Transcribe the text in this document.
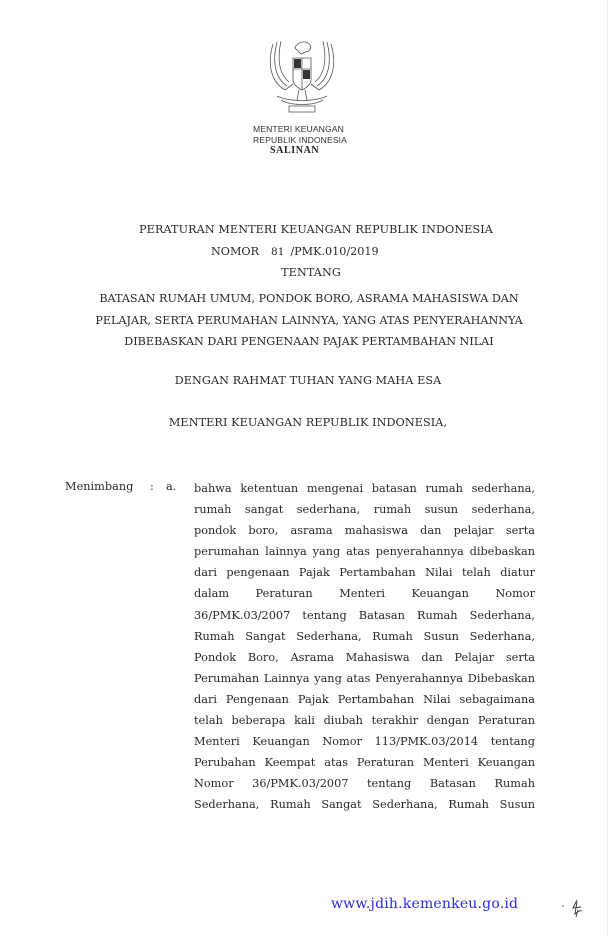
MENTERI KEUANGAN
REPUBLIK INDONESIA
SALINAN
PERATURAN MENTERI KEUANGAN REPUBLIK INDONESIA
NOMOR 81 /PMK.010/2019
TENTANG
BATASAN RUMAH UMUM, PONDOK BORO, ASRAMA MAHASISWA DAN
PELAJAR, SERTA PERUMAHAN LAINNYA, YANG ATAS PENYERAHANNYA
DIBEBASKAN DARI PENGENAAN PAJAK PERTAMBAHAN NILAI
DENGAN RAHMAT TUHAN YANG MAHA ESA
MENTERI KEUANGAN REPUBLIK INDONESIA,
Menimbang : a. bahwa ketentuan mengenai batasan rumah sederhana,
rumah sangat sederhana, rumah susun sederhana,
pondok boro, asrama mahasiswa dan pelajar serta
perumahan lainnya yang atas penyerahannya dibebaskan
dari pengenaan Pajak Pertambahan Nilai telah diatur
dalam Peraturan Menteri Keuangan Nomor
36/PMK.03/2007 tentang Batasan Rumah Sederhana,
Rumah Sangat Sederhana, Rumah Susun Sederhana,
Pondok Boro, Asrama Mahasiswa dan Pelajar serta
Perumahan Lainnya yang atas Penyerahannya Dibebaskan
dari Pengenaan Pajak Pertambahan Nilai sebagaimana
telah beberapa kali diubah terakhir dengan Peraturan
Menteri Keuangan Nomor 113/PMK.03/2014 tentang
Perubahan Keempat atas Peraturan Menteri Keuangan
Nomor 36/PMK.03/2007 tentang Batasan Rumah
Sederhana, Rumah Sangat Sederhana, Rumah Susun
www.jdih.kemenkeu.go.id
